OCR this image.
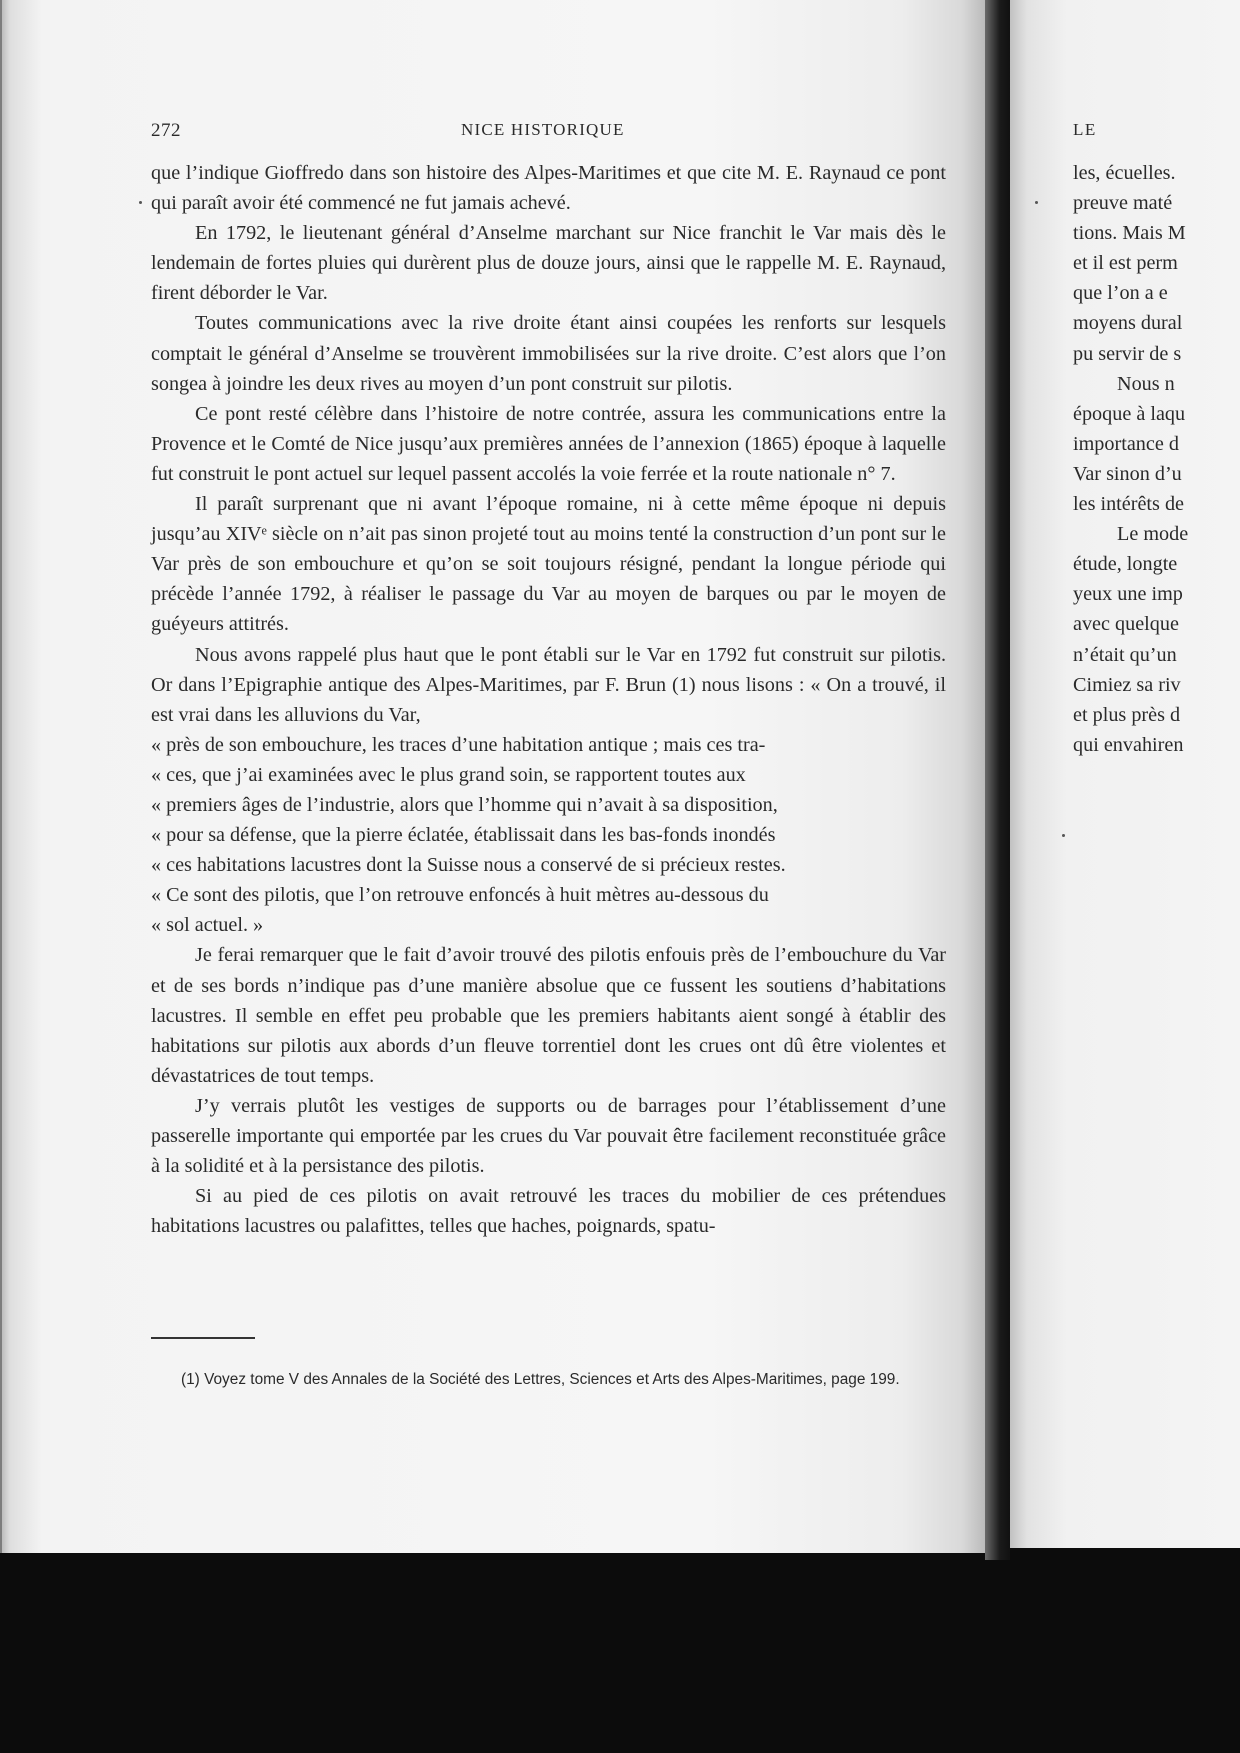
272	NICE HISTORIQUE

que l’indique Gioffredo dans son histoire des Alpes-Maritimes et que cite M. E. Raynaud ce pont qui paraît avoir été commencé ne fut jamais achevé.

En 1792, le lieutenant général d’Anselme marchant sur Nice franchit le Var mais dès le lendemain de fortes pluies qui durèrent plus de douze jours, ainsi que le rappelle M. E. Raynaud, firent déborder le Var.

Toutes communications avec la rive droite étant ainsi coupées les renforts sur lesquels comptait le général d’Anselme se trouvèrent immobilisées sur la rive droite. C’est alors que l’on songea à joindre les deux rives au moyen d’un pont construit sur pilotis.

Ce pont resté célèbre dans l’histoire de notre contrée, assura les communications entre la Provence et le Comté de Nice jusqu’aux premières années de l’annexion (1865) époque à laquelle fut construit le pont actuel sur lequel passent accolés la voie ferrée et la route nationale n° 7.

Il paraît surprenant que ni avant l’époque romaine, ni à cette même époque ni depuis jusqu’au XIVᵉ siècle on n’ait pas sinon projeté tout au moins tenté la construction d’un pont sur le Var près de son embouchure et qu’on se soit toujours résigné, pendant la longue période qui précède l’année 1792, à réaliser le passage du Var au moyen de barques ou par le moyen de guéyeurs attitrés.

Nous avons rappelé plus haut que le pont établi sur le Var en 1792 fut construit sur pilotis. Or dans l’Epigraphie antique des Alpes-Maritimes, par F. Brun (1) nous lisons : « On a trouvé, il est vrai dans les alluvions du Var,

« près de son embouchure, les traces d’une habitation antique ; mais ces tra-

« ces, que j’ai examinées avec le plus grand soin, se rapportent toutes aux

« premiers âges de l’industrie, alors que l’homme qui n’avait à sa disposition,

« pour sa défense, que la pierre éclatée, établissait dans les bas-fonds inondés

« ces habitations lacustres dont la Suisse nous a conservé de si précieux restes.

« Ce sont des pilotis, que l’on retrouve enfoncés à huit mètres au-dessous du

« sol actuel. »

Je ferai remarquer que le fait d’avoir trouvé des pilotis enfouis près de l’embouchure du Var et de ses bords n’indique pas d’une manière absolue que ce fussent les soutiens d’habitations lacustres. Il semble en effet peu probable que les premiers habitants aient songé à établir des habitations sur pilotis aux abords d’un fleuve torrentiel dont les crues ont dû être violentes et dévastatrices de tout temps.

J’y verrais plutôt les vestiges de supports ou de barrages pour l’établissement d’une passerelle importante qui emportée par les crues du Var pouvait être facilement reconstituée grâce à la solidité et à la persistance des pilotis.

Si au pied de ces pilotis on avait retrouvé les traces du mobilier de ces prétendues habitations lacustres ou palafittes, telles que haches, poignards, spatu-

(1) Voyez tome V des Annales de la Société des Lettres, Sciences et Arts des Alpes-Maritimes, page 199.
LE
les, écuelles.
preuve maté
tions. Mais M
et il est perm
que l’on a e
moyens dural
pu servir de s
Nous n
époque à laqu
importance d
Var sinon d’u
les intérêts de
Le mode
étude, longte
yeux une imp
avec quelque
n’était qu’un
Cimiez sa riv
et plus près d
qui envahiren
